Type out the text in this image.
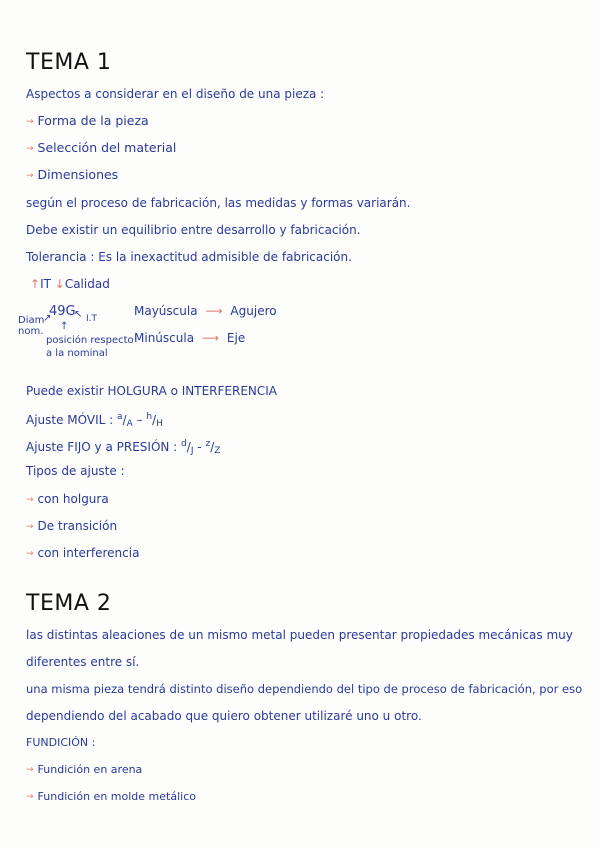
TEMA 1
Aspectos a considerar en el diseño de una pieza :
→ Forma de la pieza
→ Selección del material
→ Dimensiones
según el proceso de fabricación, las medidas y formas variarán.
Debe existir un equilibrio entre desarrollo y fabricación.
Tolerancia : Es la inexactitud admisible de fabricación.
↑IT ↓Calidad
Diam
nom.
↗
49G
↖ I.T
↑
posición respecto
a la nominal
Mayúscula ⟶ Agujero
Minúscula ⟶ Eje
Puede existir HOLGURA o INTERFERENCIA
Ajuste MÓVIL : $^a/_A - ^h/_H$
Ajuste FIJO y a PRESIÓN : $^d/_J - ^z/_Z$
Tipos de ajuste :
→ con holgura
→ De transición
→ con interferencia
TEMA 2
las distintas aleaciones de un mismo metal pueden presentar propiedades mecánicas muy
diferentes entre sí.
una misma pieza tendrá distinto diseño dependiendo del tipo de proceso de fabricación, por eso
dependiendo del acabado que quiero obtener utilizaré uno u otro.
FUNDICIÓN :
→ Fundición en arena
→ Fundición en molde metálico
